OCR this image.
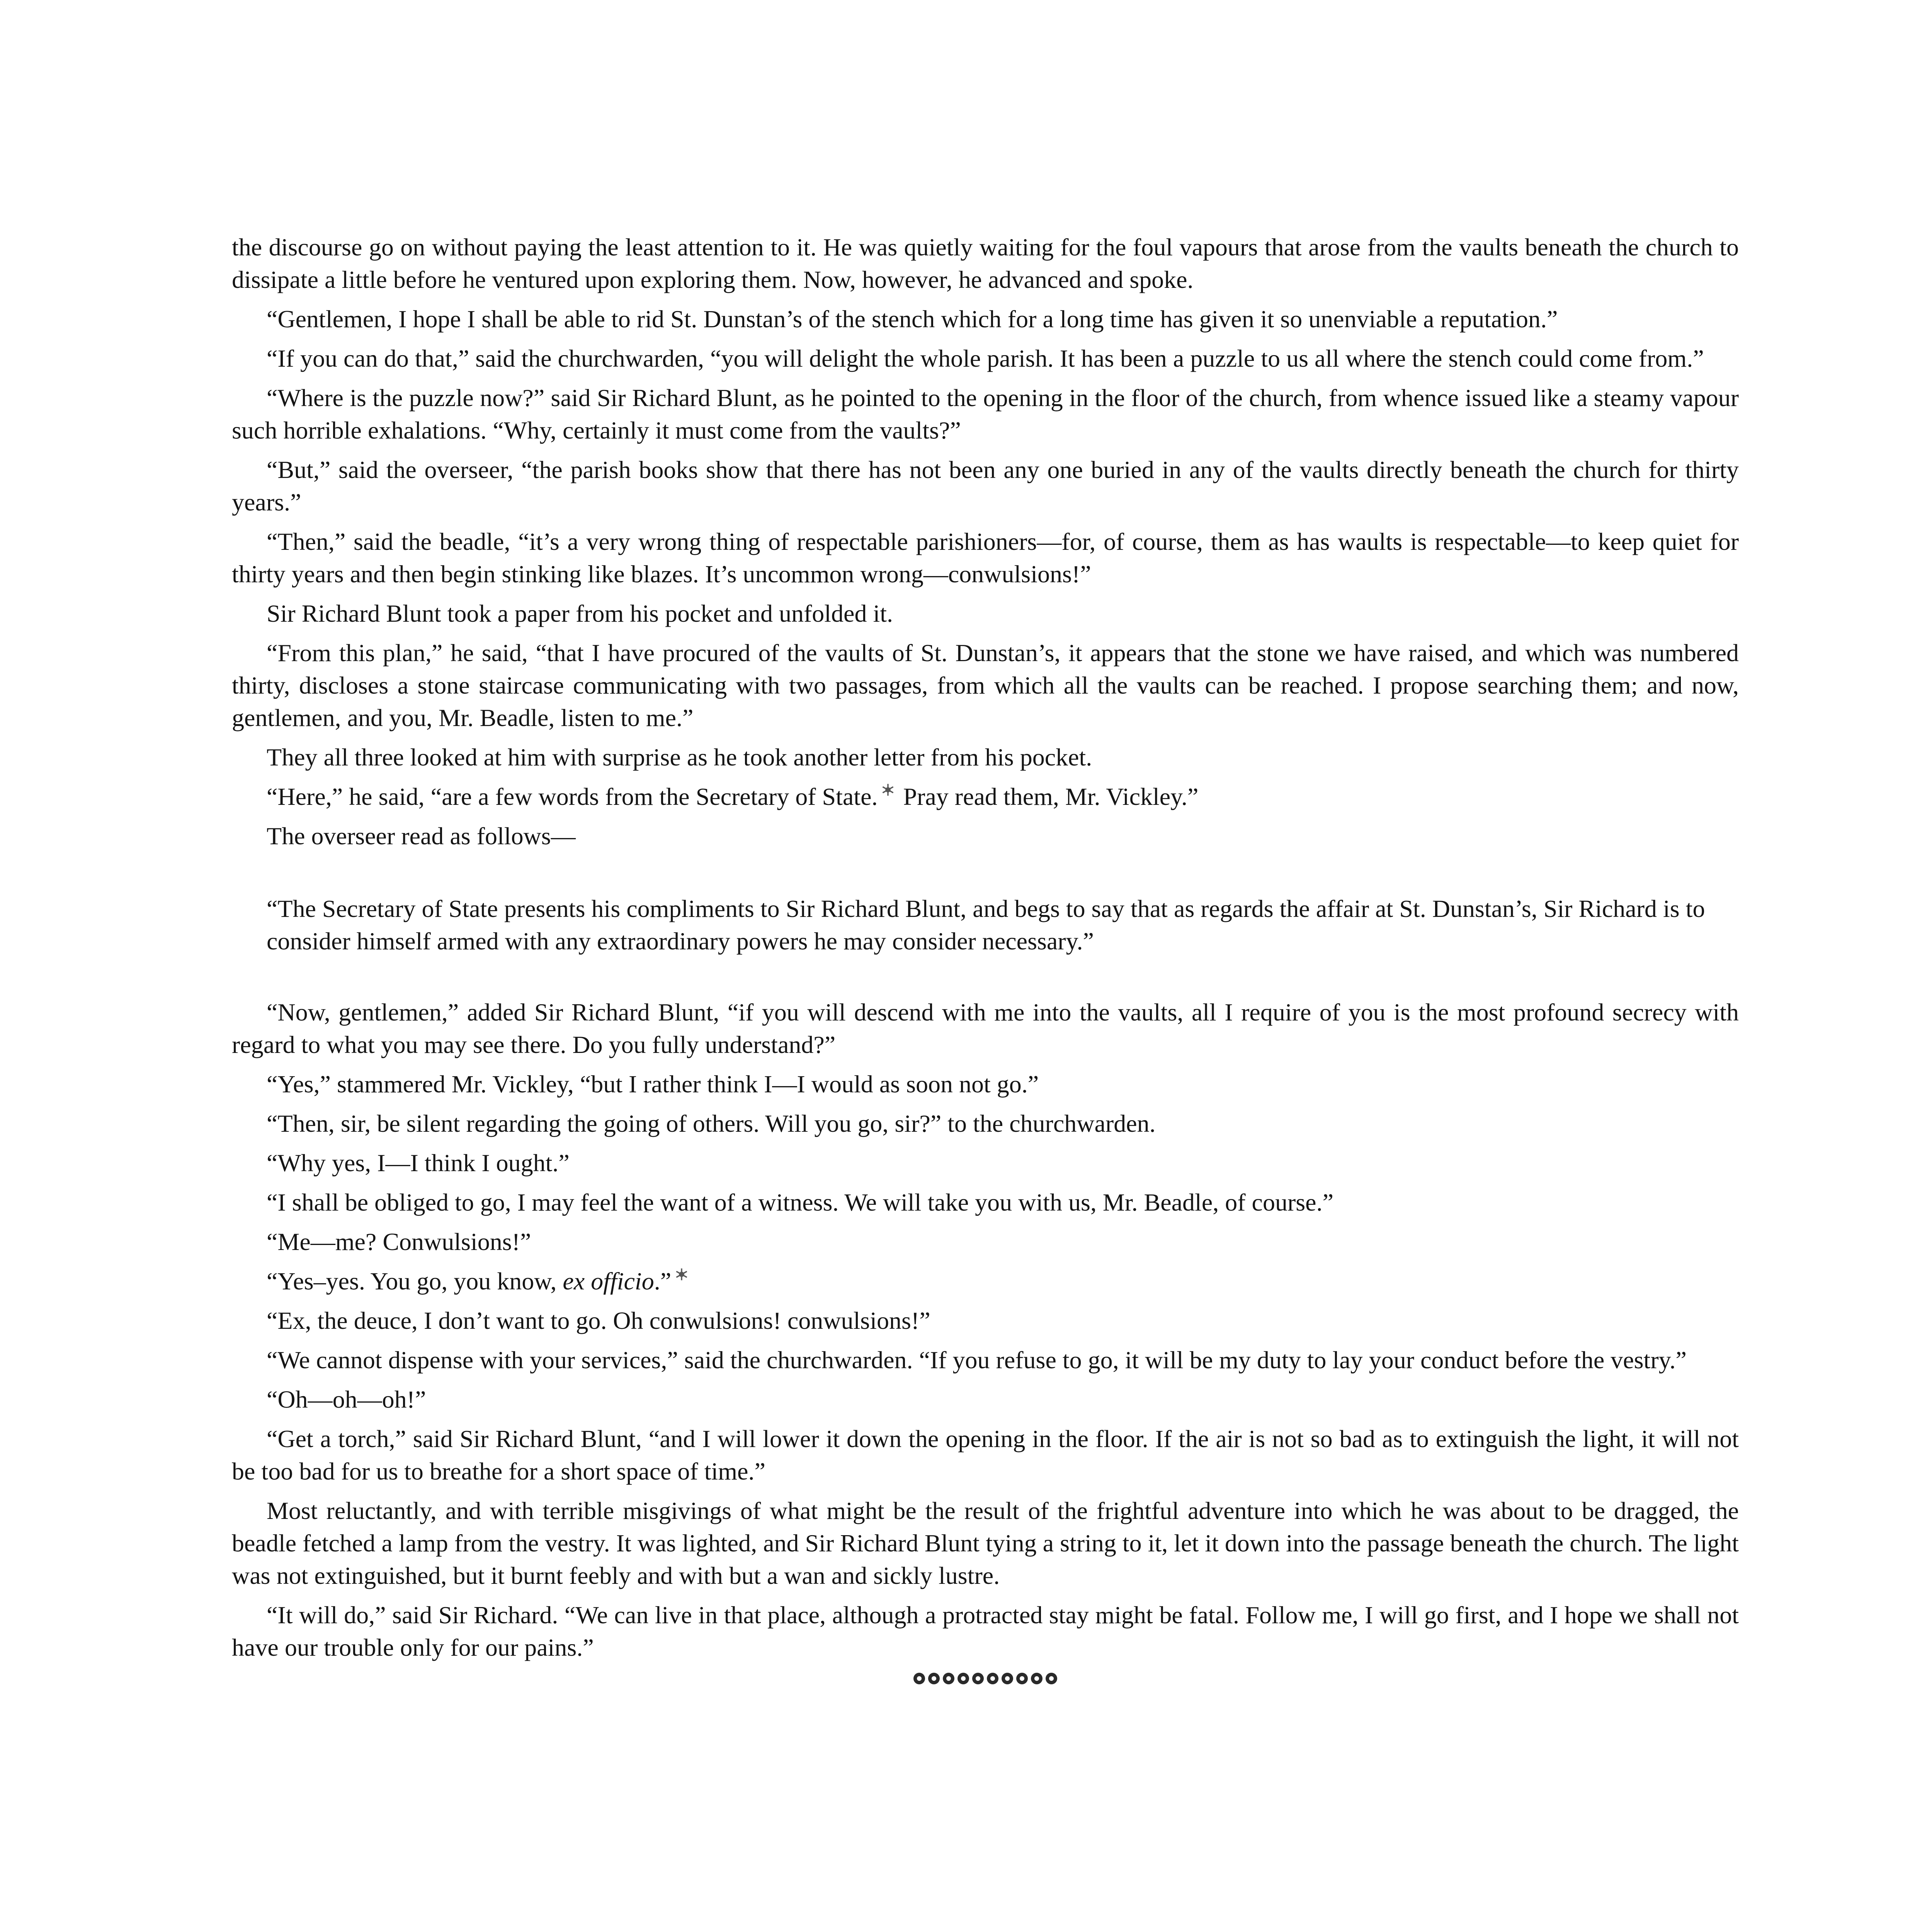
the discourse go on without paying the least attention to it. He was quietly waiting for the foul vapours that arose from the vaults beneath the church to dissipate a little before he ventured upon exploring them. Now, however, he advanced and spoke.

“Gentlemen, I hope I shall be able to rid St. Dunstan’s of the stench which for a long time has given it so unenviable a reputation.”

“If you can do that,” said the churchwarden, “you will delight the whole parish. It has been a puzzle to us all where the stench could come from.”

“Where is the puzzle now?” said Sir Richard Blunt, as he pointed to the opening in the floor of the church, from whence issued like a steamy vapour such horrible exhalations. “Why, certainly it must come from the vaults?”

“But,” said the overseer, “the parish books show that there has not been any one buried in any of the vaults directly beneath the church for thirty years.”

“Then,” said the beadle, “it’s a very wrong thing of respectable parishioners—for, of course, them as has waults is respectable—to keep quiet for thirty years and then begin stinking like blazes. It’s uncommon wrong—conwulsions!”

Sir Richard Blunt took a paper from his pocket and unfolded it.

“From this plan,” he said, “that I have procured of the vaults of St. Dunstan’s, it appears that the stone we have raised, and which was numbered thirty, discloses a stone staircase communicating with two passages, from which all the vaults can be reached. I propose searching them; and now, gentlemen, and you, Mr. Beadle, listen to me.”

They all three looked at him with surprise as he took another letter from his pocket.

“Here,” he said, “are a few words from the Secretary of State. Pray read them, Mr. Vickley.”

The overseer read as follows—

“The Secretary of State presents his compliments to Sir Richard Blunt, and begs to say that as regards the affair at St. Dunstan’s, Sir Richard is to consider himself armed with any extraordinary powers he may consider necessary.”

“Now, gentlemen,” added Sir Richard Blunt, “if you will descend with me into the vaults, all I require of you is the most profound secrecy with regard to what you may see there. Do you fully understand?”

“Yes,” stammered Mr. Vickley, “but I rather think I—I would as soon not go.”

“Then, sir, be silent regarding the going of others. Will you go, sir?” to the churchwarden.

“Why yes, I—I think I ought.”

“I shall be obliged to go, I may feel the want of a witness. We will take you with us, Mr. Beadle, of course.”

“Me—me? Conwulsions!”

“Yes–yes. You go, you know, ex officio.”

“Ex, the deuce, I don’t want to go. Oh conwulsions! conwulsions!”

“We cannot dispense with your services,” said the churchwarden. “If you refuse to go, it will be my duty to lay your conduct before the vestry.”

“Oh—oh—oh!”

“Get a torch,” said Sir Richard Blunt, “and I will lower it down the opening in the floor. If the air is not so bad as to extinguish the light, it will not be too bad for us to breathe for a short space of time.”

Most reluctantly, and with terrible misgivings of what might be the result of the frightful adventure into which he was about to be dragged, the beadle fetched a lamp from the vestry. It was lighted, and Sir Richard Blunt tying a string to it, let it down into the passage beneath the church. The light was not extinguished, but it burnt feebly and with but a wan and sickly lustre.

“It will do,” said Sir Richard. “We can live in that place, although a protracted stay might be fatal. Follow me, I will go first, and I hope we shall not have our trouble only for our pains.”
